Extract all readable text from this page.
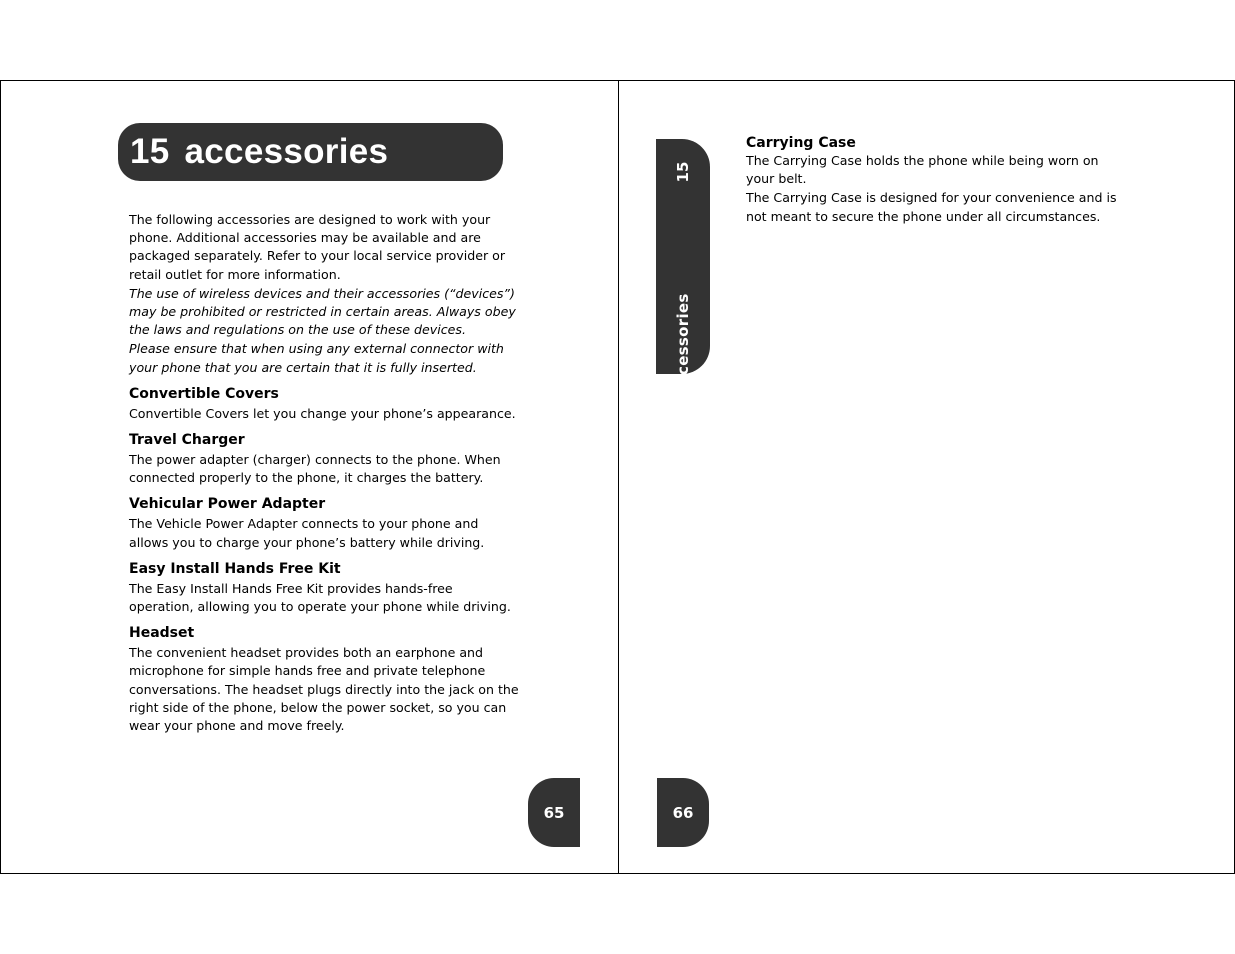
15 accessories

The following accessories are designed to work with your phone. Additional accessories may be available and are packaged separately. Refer to your local service provider or retail outlet for more information.

The use of wireless devices and their accessories (“devices”) may be prohibited or restricted in certain areas. Always obey the laws and regulations on the use of these devices.

Please ensure that when using any external connector with your phone that you are certain that it is fully inserted.

Convertible Covers

Convertible Covers let you change your phone’s appearance.

Travel Charger

The power adapter (charger) connects to the phone. When connected properly to the phone, it charges the battery.

Vehicular Power Adapter

The Vehicle Power Adapter connects to your phone and allows you to charge your phone’s battery while driving.

Easy Install Hands Free Kit

The Easy Install Hands Free Kit provides hands-free operation, allowing you to operate your phone while driving.

Headset

The convenient headset provides both an earphone and microphone for simple hands free and private telephone conversations. The headset plugs directly into the jack on the right side of the phone, below the power socket, so you can wear your phone and move freely.

65
15
accessories
Carrying Case

The Carrying Case holds the phone while being worn on your belt.

The Carrying Case is designed for your convenience and is not meant to secure the phone under all circumstances.

66
